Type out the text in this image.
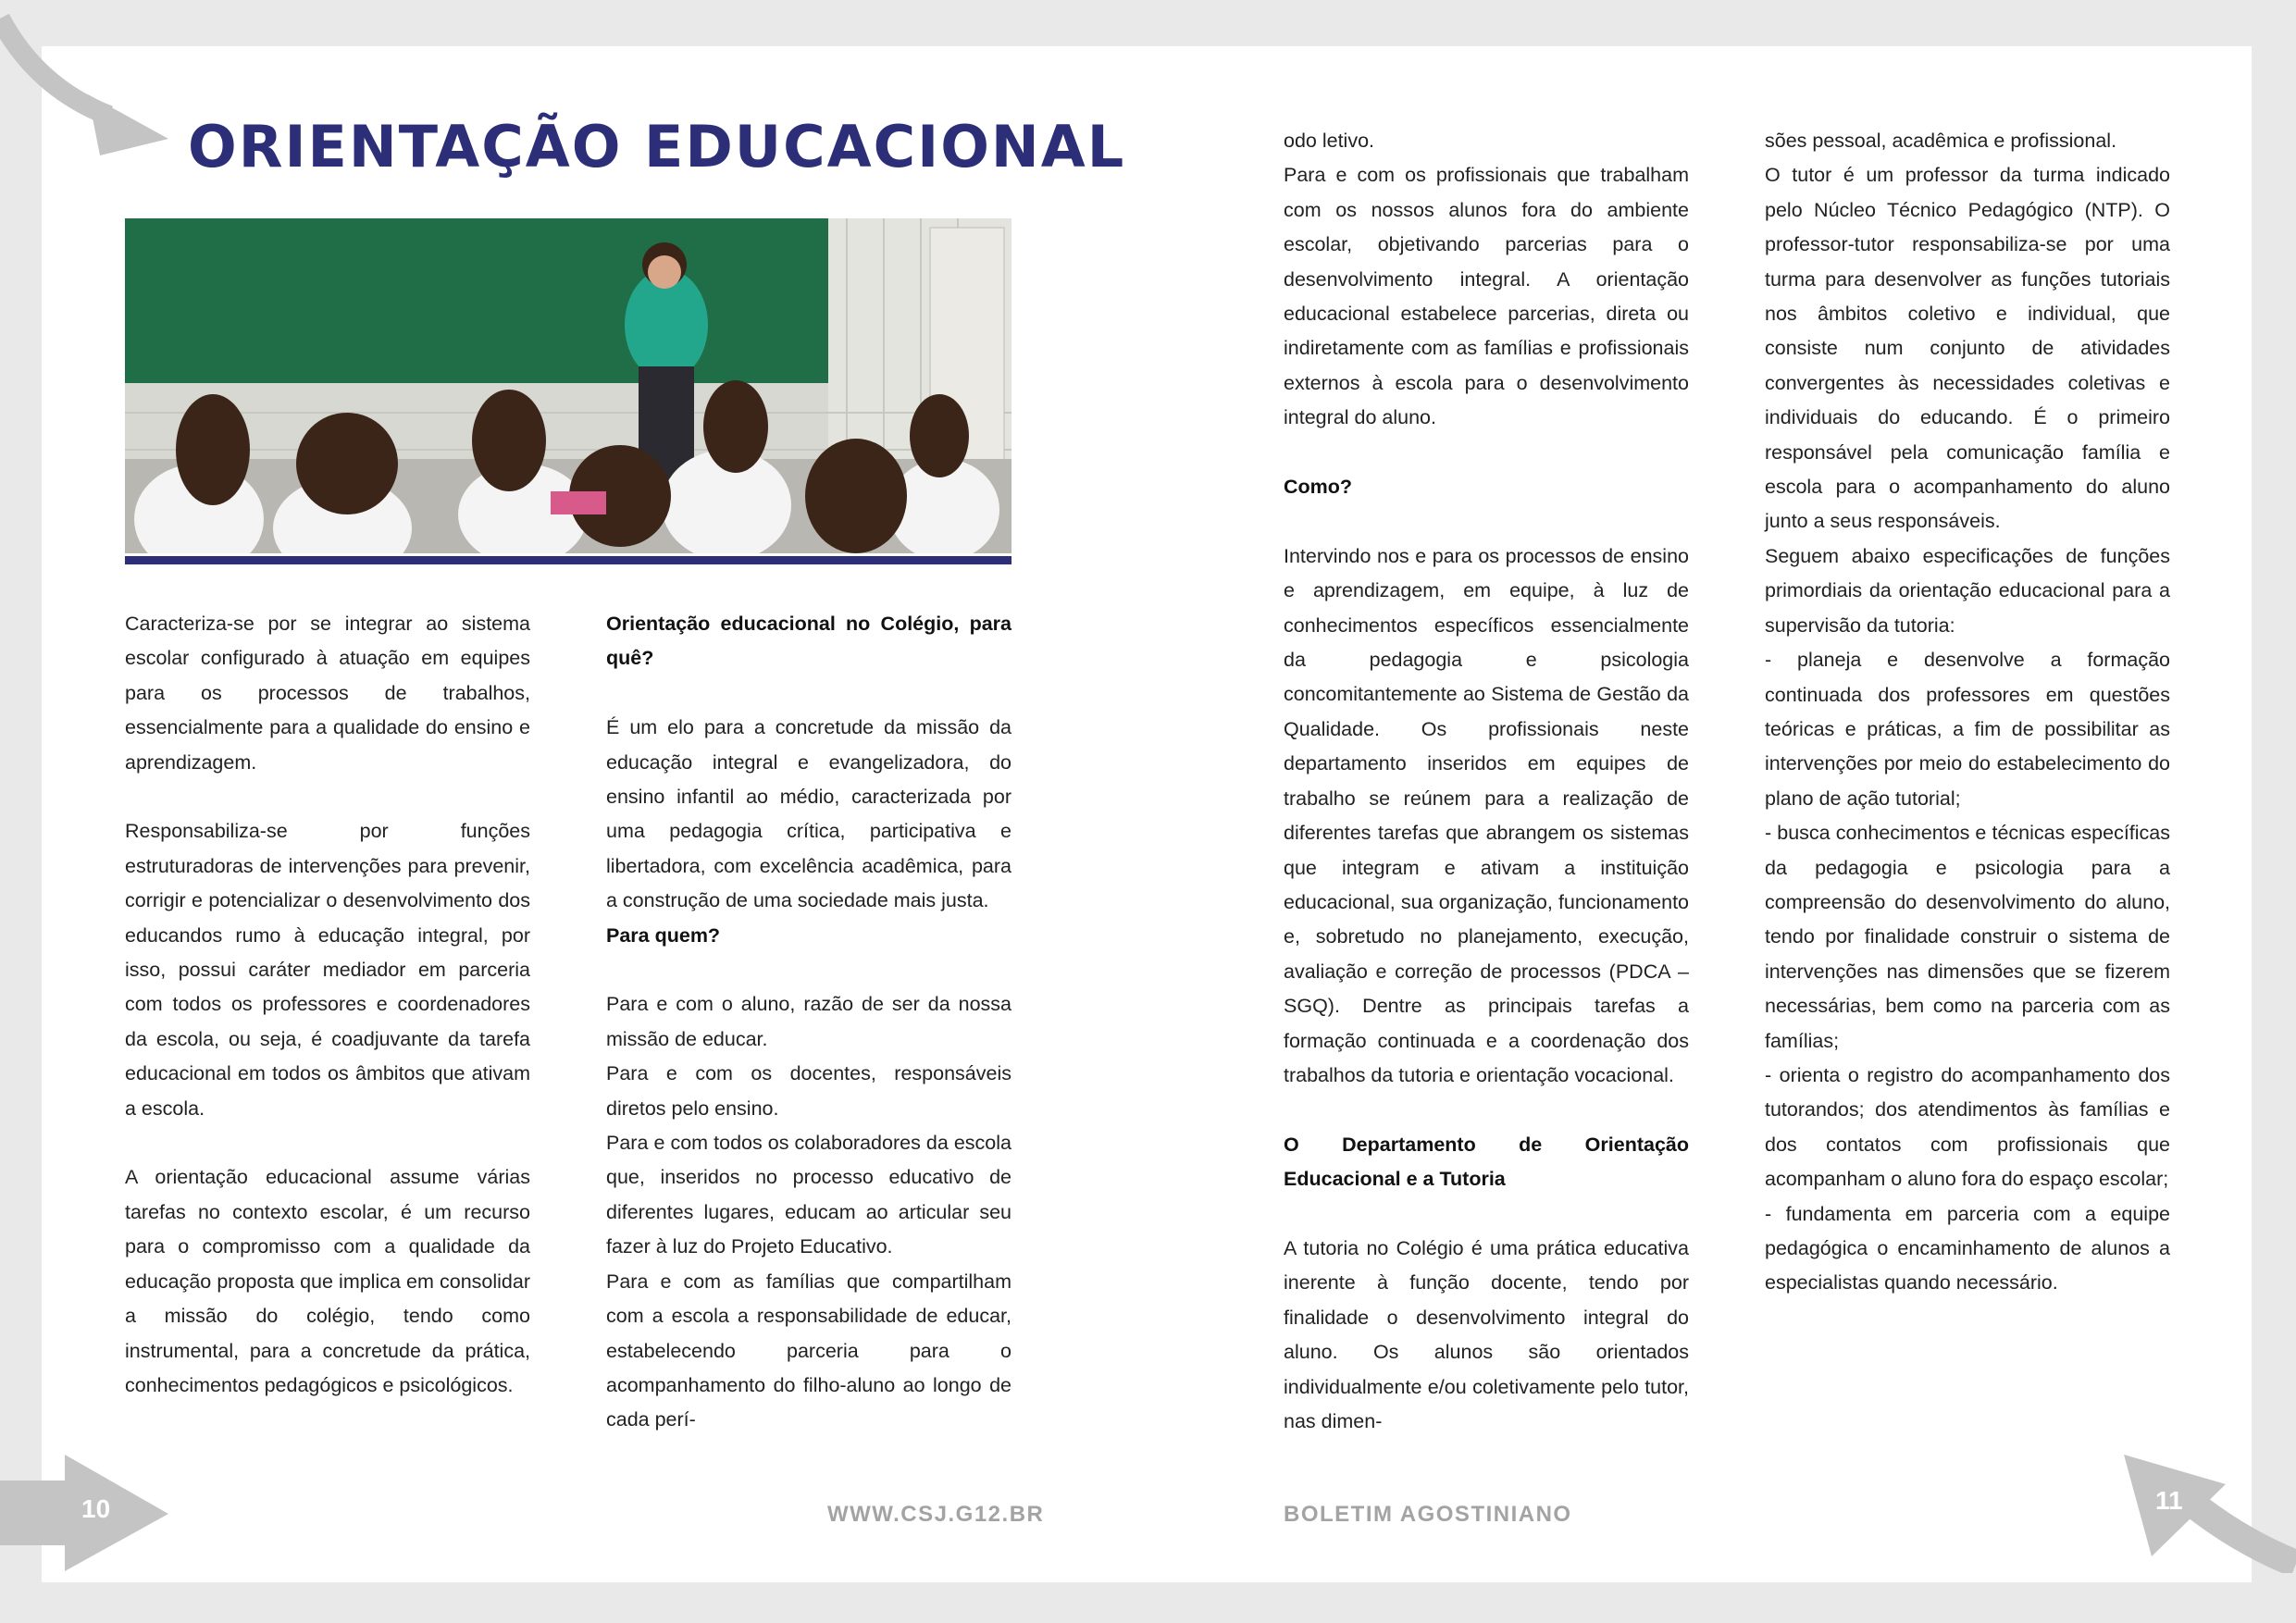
ORIENTAÇÃO EDUCACIONAL

Caracteriza-se por se integrar ao sistema escolar configurado à atuação em equipes para os processos de trabalhos, essencialmente para a qualidade do ensino e aprendizagem.

Responsabiliza-se por funções estruturadoras de intervenções para prevenir, corrigir e potencializar o desenvolvimento dos educandos rumo à educação integral, por isso, possui caráter mediador em parceria com todos os professores e coordenadores da escola, ou seja, é coadjuvante da tarefa educacional em todos os âmbitos que ativam a escola.

A orientação educacional assume várias tarefas no contexto escolar, é um recurso para o compromisso com a qualidade da educação proposta que implica em consolidar a missão do colégio, tendo como instrumental, para a concretude da prática, conhecimentos pedagógicos e psicológicos.

Orientação educacional no Colégio, para quê?

É um elo para a concretude da missão da educação integral e evangelizadora, do ensino infantil ao médio, caracterizada por uma pedagogia crítica, participativa e libertadora, com excelência acadêmica, para a construção de uma sociedade mais justa.

Para quem?

Para e com o aluno, razão de ser da nossa missão de educar.

Para e com os docentes, responsáveis diretos pelo ensino.

Para e com todos os colaboradores da escola que, inseridos no processo educativo de diferentes lugares, educam ao articular seu fazer à luz do Projeto Educativo.

Para e com as famílias que compartilham com a escola a responsabilidade de educar, estabelecendo parceria para o acompanhamento do filho-aluno ao longo de cada perí-

odo letivo.

Para e com os profissionais que trabalham com os nossos alunos fora do ambiente escolar, objetivando parcerias para o desenvolvimento integral. A orientação educacional estabelece parcerias, direta ou indiretamente com as famílias e profissionais externos à escola para o desenvolvimento integral do aluno.

Como?

Intervindo nos e para os processos de ensino e aprendizagem, em equipe, à luz de conhecimentos específicos essencialmente da pedagogia e psicologia concomitantemente ao Sistema de Gestão da Qualidade. Os profissionais neste departamento inseridos em equipes de trabalho se reúnem para a realização de diferentes tarefas que abrangem os sistemas que integram e ativam a instituição educacional, sua organização, funcionamento e, sobretudo no planejamento, execução, avaliação e correção de processos (PDCA – SGQ). Dentre as principais tarefas a formação continuada e a coordenação dos trabalhos da tutoria e orientação vocacional.

O Departamento de Orientação Educacional e a Tutoria

A tutoria no Colégio é uma prática educativa inerente à função docente, tendo por finalidade o desenvolvimento integral do aluno. Os alunos são orientados individualmente e/ou coletivamente pelo tutor, nas dimen-

sões pessoal, acadêmica e profissional.

O tutor é um professor da turma indicado pelo Núcleo Técnico Pedagógico (NTP). O professor-tutor responsabiliza-se por uma turma para desenvolver as funções tutoriais nos âmbitos coletivo e individual, que consiste num conjunto de atividades convergentes às necessidades coletivas e individuais do educando. É o primeiro responsável pela comunicação família e escola para o acompanhamento do aluno junto a seus responsáveis.

Seguem abaixo especificações de funções primordiais da orientação educacional para a supervisão da tutoria:

- planeja e desenvolve a formação continuada dos professores em questões teóricas e práticas, a fim de possibilitar as intervenções por meio do estabelecimento do plano de ação tutorial;

- busca conhecimentos e técnicas específicas da pedagogia e psicologia para a compreensão do desenvolvimento do aluno, tendo por finalidade construir o sistema de intervenções nas dimensões que se fizerem necessárias, bem como na parceria com as famílias;

- orienta o registro do acompanhamento dos tutorandos; dos atendimentos às famílias e dos contatos com profissionais que acompanham o aluno fora do espaço escolar;

- fundamenta em parceria com a equipe pedagógica o encaminhamento de alunos a especialistas quando necessário.

10	11
WWW.CSJ.G12.BR	BOLETIM AGOSTINIANO
